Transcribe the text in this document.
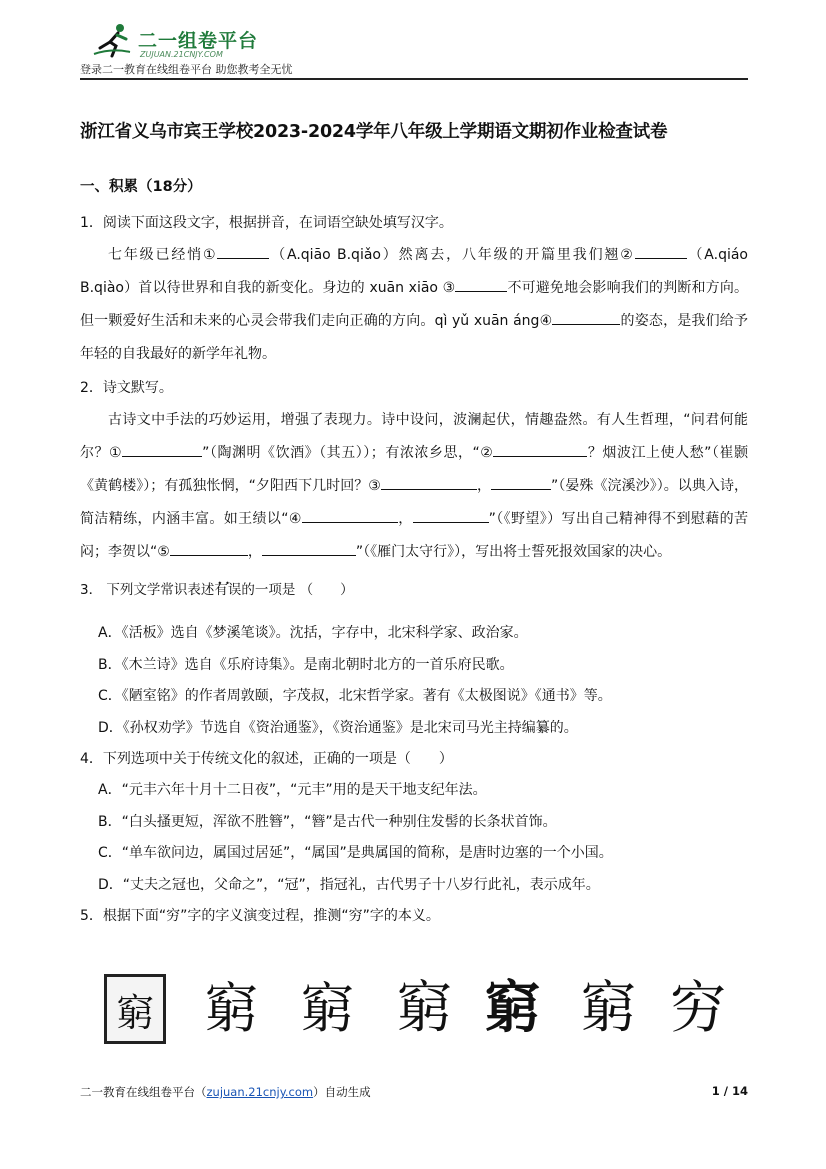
二一组卷平台
ZUJUAN.21CNJY.COM
登录二一教育在线组卷平台 助您教考全无忧
浙江省义乌市宾王学校2023-2024学年八年级上学期语文期初作业检查试卷
一、积累（18分）
1．阅读下面这段文字，根据拼音，在词语空缺处填写汉字。
七年级已经悄①	（A.qiāo B.qiǎo）然离去，八年级的开篇里我们翘②	（A.qiáo B.qiào）首以待世界和自我的新变化。身边的 xuān xiāo ③	不可避免地会影响我们的判断和方向。但一颗爱好生活和未来的心灵会带我们走向正确的方向。qì yǔ xuān áng④	的姿态，是我们给予年轻的自我最好的新学年礼物。
2．诗文默写。
古诗文中手法的巧妙运用，增强了表现力。诗中设问，波澜起伏，情趣盎然。有人生哲理，“问君何能尔？①	”（陶渊明《饮酒》（其五））；有浓浓乡思，“②	？烟波江上使人愁”（崔颢《黄鹤楼》）；有孤独怅惘，“夕阳西下几时回？③	，	”（晏殊《浣溪沙》）。以典入诗，简洁精练，内涵丰富。如王绩以“④	，	”（《野望》）写出自己精神得不到慰藉的苦闷；李贺以“⑤	，	”（《雁门太守行》），写出将士誓死报效国家的决心。
3． 下列文学常识表述•• 有误的一项是 （　　）
A．《活板》选自《梦溪笔谈》。沈括，字存中，北宋科学家、政治家。
B．《木兰诗》选自《乐府诗集》。是南北朝时北方的一首乐府民歌。
C．《陋室铭》的作者周敦颐，字茂叔，北宋哲学家。著有《太极图说》《通书》等。
D．《孙权劝学》节选自《资治通鉴》，《资治通鉴》是北宋司马光主持编纂的。
4．下列选项中关于传统文化的叙述，正确的一项是（　　）
A．“元丰六年十月十二日夜”，“元丰”用的是天干地支纪年法。
B．“白头搔更短，浑欲不胜簪”，“簪”是古代一种别住发髻的长条状首饰。
C．“单车欲问边，属国过居延”，“属国”是典属国的简称，是唐时边塞的一个小国。
D．“丈夫之冠也，父命之”，“冠”，指冠礼，古代男子十八岁行此礼，表示成年。
5．根据下面“穷”字的字义演变过程，推测“穷”字的本义。
窮 窮 窮 窮 窮 窮 穷
二一教育在线组卷平台（zujuan.21cnjy.com）自动生成	1 / 14
